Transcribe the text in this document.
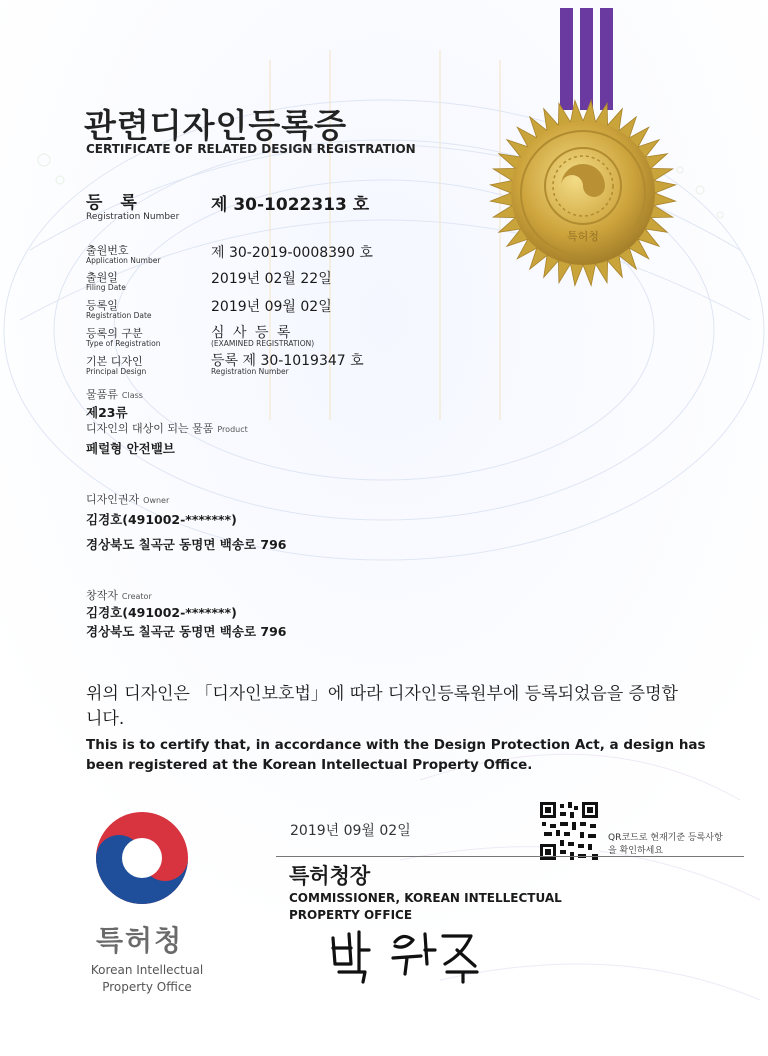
특허청
관련디자인등록증
CERTIFICATE OF RELATED DESIGN REGISTRATION
등 록
Registration Number
제 30-1022313 호
출원번호
Application Number	제 30-2019-0008390 호
출원일
Filing Date
2019년 02월 22일
등록일
Registration Date
2019년 09월 02일
등록의 구분
Type of Registration
심 사 등 록
(EXAMINED REGISTRATION)
기본 디자인
Principal Design
등록 제 30-1019347 호
Registration Number
물품류 Class
제23류
디자인의 대상이 되는 물품 Product
페럴형 안전밸브
디자인권자 Owner
김경호(491002-*******)
경상북도 칠곡군 동명면 백송로 796
창작자 Creator
김경호(491002-*******)
경상북도 칠곡군 동명면 백송로 796
위의 디자인은 「디자인보호법」에 따라 디자인등록원부에 등록되었음을 증명합니다.
This is to certify that, in accordance with the Design Protection Act, a design has been registered at the Korean Intellectual Property Office.
2019년 09월 02일	QR코드로 현재기준 등록사항을 확인하세요
특허청장
COMMISSIONER, KOREAN INTELLECTUAL PROPERTY OFFICE
특허청
Korean Intellectual Property Office
